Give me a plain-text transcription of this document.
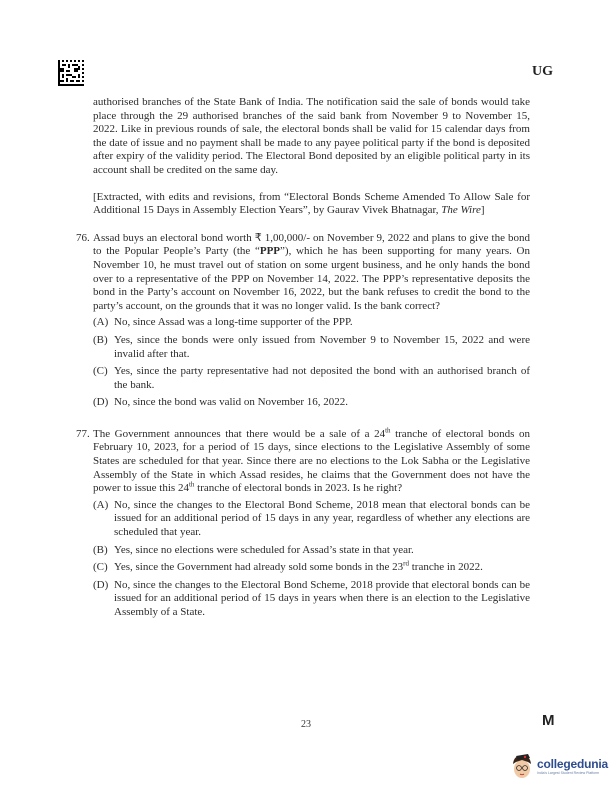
UG

authorised branches of the State Bank of India. The notification said the sale of bonds would take place through the 29 authorised branches of the said bank from November 9 to November 15, 2022. Like in previous rounds of sale, the electoral bonds shall be valid for 15 calendar days from the date of issue and no payment shall be made to any payee political party if the bond is deposited after expiry of the validity period. The Electoral Bond deposited by an eligible political party in its account shall be credited on the same day.

[Extracted, with edits and revisions, from “Electoral Bonds Scheme Amended To Allow Sale for Additional 15 Days in Assembly Election Years”, by Gaurav Vivek Bhatnagar, The Wire]

76. Assad buys an electoral bond worth ₹ 1,00,000/- on November 9, 2022 and plans to give the bond to the Popular People’s Party (the “PPP”), which he has been supporting for many years. On November 10, he must travel out of station on some urgent business, and he only hands the bond over to a representative of the PPP on November 14, 2022. The PPP’s representative deposits the bond in the Party’s account on November 16, 2022, but the bank refuses to credit the bond to the party’s account, on the grounds that it was no longer valid. Is the bank correct?

(A) No, since Assad was a long-time supporter of the PPP.
(B) Yes, since the bonds were only issued from November 9 to November 15, 2022 and were invalid after that.
(C) Yes, since the party representative had not deposited the bond with an authorised branch of the bank.
(D) No, since the bond was valid on November 16, 2022.
77. The Government announces that there would be a sale of a 24th tranche of electoral bonds on February 10, 2023, for a period of 15 days, since elections to the Legislative Assembly of some States are scheduled for that year. Since there are no elections to the Lok Sabha or the Legislative Assembly of the State in which Assad resides, he claims that the Government does not have the power to issue this 24th tranche of electoral bonds in 2023. Is he right?

(A) No, since the changes to the Electoral Bond Scheme, 2018 mean that electoral bonds can be issued for an additional period of 15 days in any year, regardless of whether any elections are scheduled that year.
(B) Yes, since no elections were scheduled for Assad’s state in that year.
(C) Yes, since the Government had already sold some bonds in the 23rd tranche in 2022.
(D) No, since the changes to the Electoral Bond Scheme, 2018 provide that electoral bonds can be issued for an additional period of 15 days in years when there is an election to the Legislative Assembly of a State.
23	M
collegedunia
India's Largest Student Review Platform
